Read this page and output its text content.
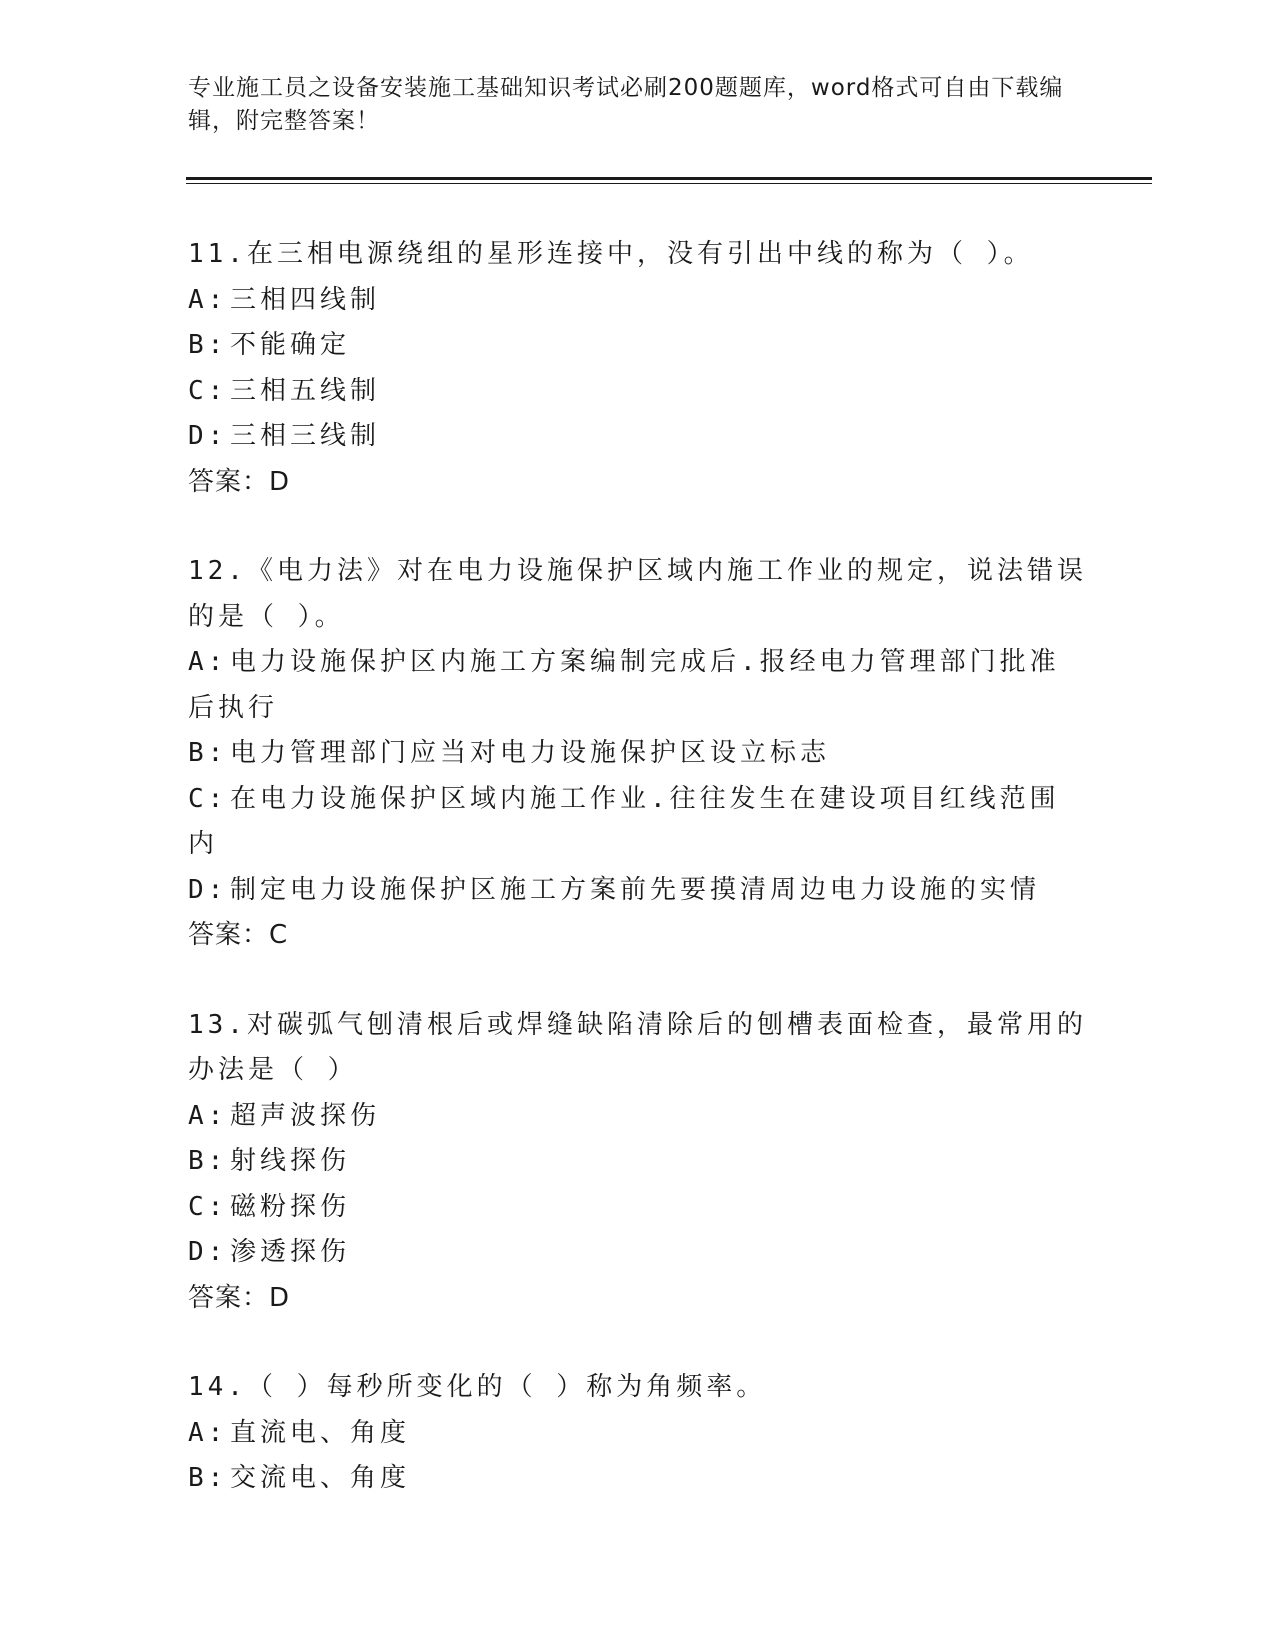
专业施工员之设备安装施工基础知识考试必刷200题题库，word格式可自由下载编辑，附完整答案！
11.在三相电源绕组的星形连接中，没有引出中线的称为（ ）。
A: 三相四线制
B: 不能确定
C: 三相五线制
D: 三相三线制
答案：D
12.《电力法》对在电力设施保护区域内施工作业的规定，说法错误的是（ ）。
A: 电力设施保护区内施工方案编制完成后.报经电力管理部门批准后执行
B: 电力管理部门应当对电力设施保护区设立标志
C: 在电力设施保护区域内施工作业.往往发生在建设项目红线范围内
D: 制定电力设施保护区施工方案前先要摸清周边电力设施的实情
答案：C
13.对碳弧气刨清根后或焊缝缺陷清除后的刨槽表面检查，最常用的办法是（ ）
A: 超声波探伤
B: 射线探伤
C: 磁粉探伤
D: 渗透探伤
答案：D
14.（ ）每秒所变化的（ ）称为角频率。
A: 直流电、角度
B: 交流电、角度
